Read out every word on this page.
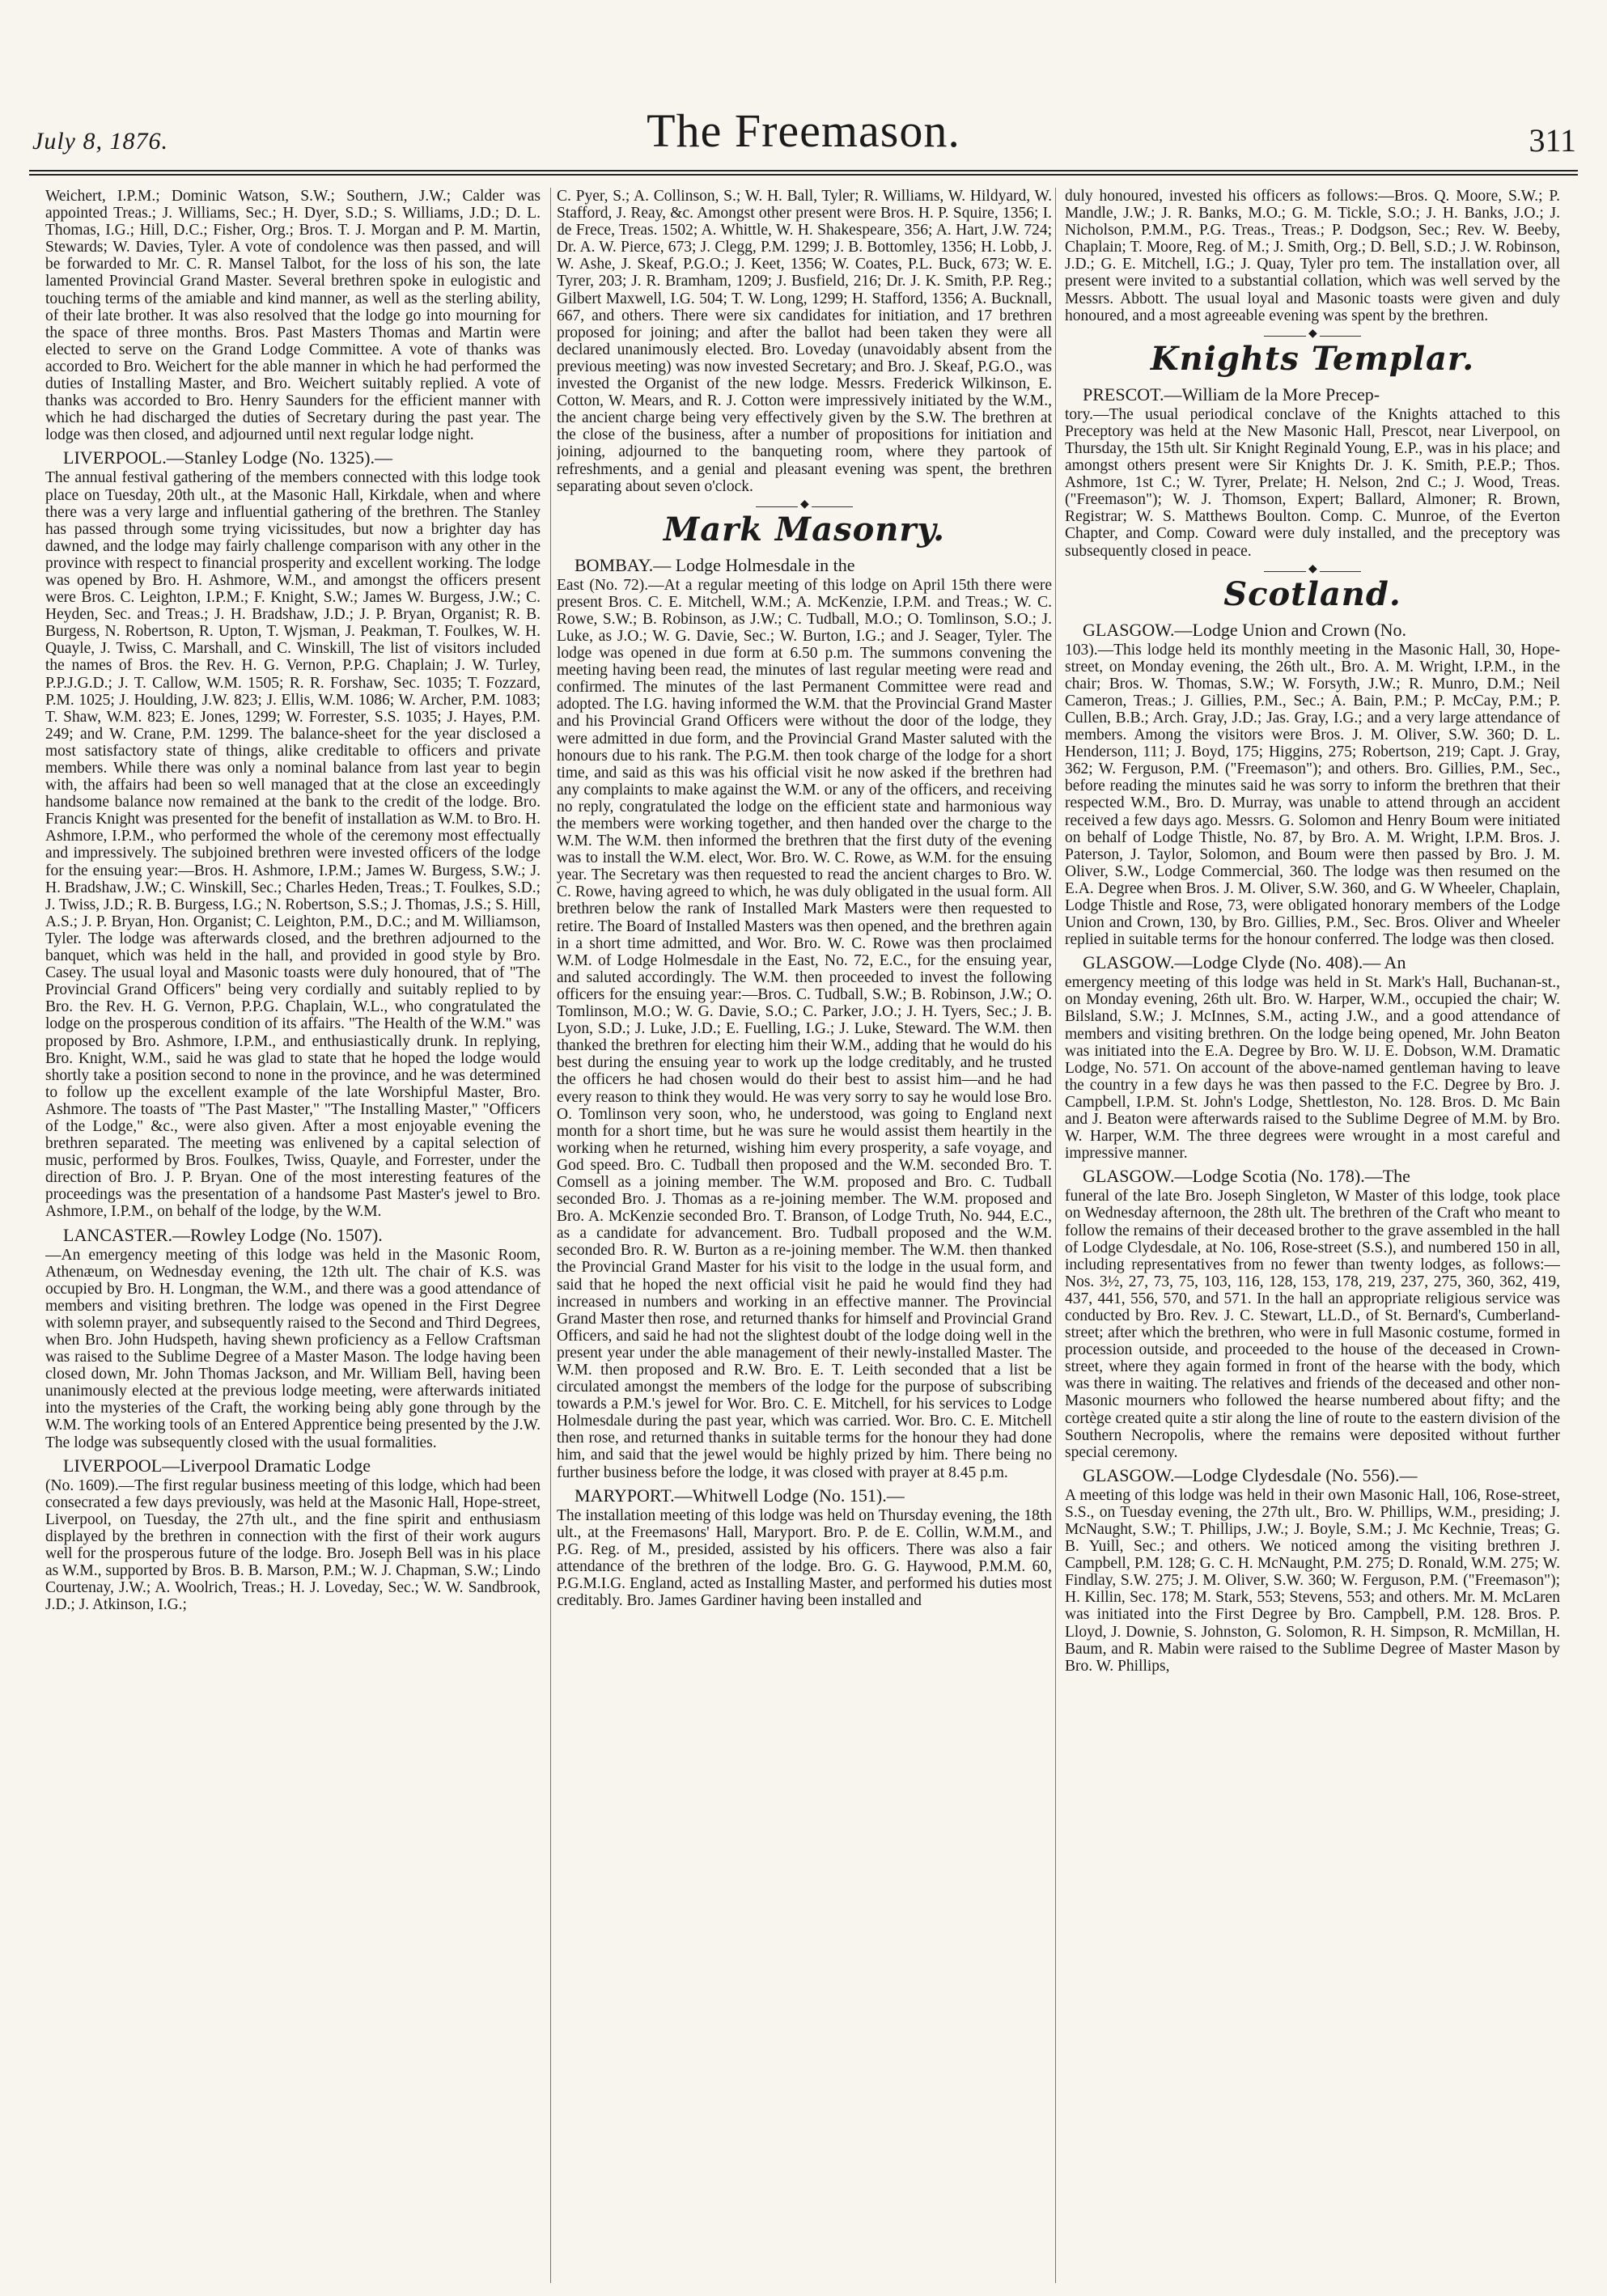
July 8, 1876.	The Freemason.	311

Weichert, I.P.M.; Dominic Watson, S.W.; Southern, J.W.; Calder was appointed Treas.; J. Williams, Sec.; H. Dyer, S.D.; S. Williams, J.D.; D. L. Thomas, I.G.; Hill, D.C.; Fisher, Org.; Bros. T. J. Morgan and P. M. Martin, Stewards; W. Davies, Tyler. A vote of condolence was then passed, and will be forwarded to Mr. C. R. Mansel Talbot, for the loss of his son, the late lamented Provincial Grand Master. Several brethren spoke in eulogistic and touching terms of the amiable and kind manner, as well as the sterling ability, of their late brother. It was also resolved that the lodge go into mourning for the space of three months. Bros. Past Masters Thomas and Martin were elected to serve on the Grand Lodge Committee. A vote of thanks was accorded to Bro. Weichert for the able manner in which he had performed the duties of Installing Master, and Bro. Weichert suitably replied. A vote of thanks was accorded to Bro. Henry Saunders for the efficient manner with which he had discharged the duties of Secretary during the past year. The lodge was then closed, and adjourned until next regular lodge night.

LIVERPOOL.—Stanley Lodge (No. 1325).—

The annual festival gathering of the members connected with this lodge took place on Tuesday, 20th ult., at the Masonic Hall, Kirkdale, when and where there was a very large and influential gathering of the brethren. The Stanley has passed through some trying vicissitudes, but now a brighter day has dawned, and the lodge may fairly challenge comparison with any other in the province with respect to financial prosperity and excellent working. The lodge was opened by Bro. H. Ashmore, W.M., and amongst the officers present were Bros. C. Leighton, I.P.M.; F. Knight, S.W.; James W. Burgess, J.W.; C. Heyden, Sec. and Treas.; J. H. Bradshaw, J.D.; J. P. Bryan, Organist; R. B. Burgess, N. Robertson, R. Upton, T. Wjsman, J. Peakman, T. Foulkes, W. H. Quayle, J. Twiss, C. Marshall, and C. Winskill, The list of visitors included the names of Bros. the Rev. H. G. Vernon, P.P.G. Chaplain; J. W. Turley, P.P.J.G.D.; J. T. Callow, W.M. 1505; R. R. Forshaw, Sec. 1035; T. Fozzard, P.M. 1025; J. Houlding, J.W. 823; J. Ellis, W.M. 1086; W. Archer, P.M. 1083; T. Shaw, W.M. 823; E. Jones, 1299; W. Forrester, S.S. 1035; J. Hayes, P.M. 249; and W. Crane, P.M. 1299. The balance-sheet for the year disclosed a most satisfactory state of things, alike creditable to officers and private members. While there was only a nominal balance from last year to begin with, the affairs had been so well managed that at the close an exceedingly handsome balance now remained at the bank to the credit of the lodge. Bro. Francis Knight was presented for the benefit of installation as W.M. to Bro. H. Ashmore, I.P.M., who performed the whole of the ceremony most effectually and impressively. The subjoined brethren were invested officers of the lodge for the ensuing year:—Bros. H. Ashmore, I.P.M.; James W. Burgess, S.W.; J. H. Bradshaw, J.W.; C. Winskill, Sec.; Charles Heden, Treas.; T. Foulkes, S.D.; J. Twiss, J.D.; R. B. Burgess, I.G.; N. Robertson, S.S.; J. Thomas, J.S.; S. Hill, A.S.; J. P. Bryan, Hon. Organist; C. Leighton, P.M., D.C.; and M. Williamson, Tyler. The lodge was afterwards closed, and the brethren adjourned to the banquet, which was held in the hall, and provided in good style by Bro. Casey. The usual loyal and Masonic toasts were duly honoured, that of "The Provincial Grand Officers" being very cordially and suitably replied to by Bro. the Rev. H. G. Vernon, P.P.G. Chaplain, W.L., who congratulated the lodge on the prosperous condition of its affairs. "The Health of the W.M." was proposed by Bro. Ashmore, I.P.M., and enthusiastically drunk. In replying, Bro. Knight, W.M., said he was glad to state that he hoped the lodge would shortly take a position second to none in the province, and he was determined to follow up the excellent example of the late Worshipful Master, Bro. Ashmore. The toasts of "The Past Master," "The Installing Master," "Officers of the Lodge," &c., were also given. After a most enjoyable evening the brethren separated. The meeting was enlivened by a capital selection of music, performed by Bros. Foulkes, Twiss, Quayle, and Forrester, under the direction of Bro. J. P. Bryan. One of the most interesting features of the proceedings was the presentation of a handsome Past Master's jewel to Bro. Ashmore, I.P.M., on behalf of the lodge, by the W.M.

LANCASTER.—Rowley Lodge (No. 1507).

—An emergency meeting of this lodge was held in the Masonic Room, Athenæum, on Wednesday evening, the 12th ult. The chair of K.S. was occupied by Bro. H. Longman, the W.M., and there was a good attendance of members and visiting brethren. The lodge was opened in the First Degree with solemn prayer, and subsequently raised to the Second and Third Degrees, when Bro. John Hudspeth, having shewn proficiency as a Fellow Craftsman was raised to the Sublime Degree of a Master Mason. The lodge having been closed down, Mr. John Thomas Jackson, and Mr. William Bell, having been unanimously elected at the previous lodge meeting, were afterwards initiated into the mysteries of the Craft, the working being ably gone through by the W.M. The working tools of an Entered Apprentice being presented by the J.W. The lodge was subsequently closed with the usual formalities.

LIVERPOOL—Liverpool Dramatic Lodge

(No. 1609).—The first regular business meeting of this lodge, which had been consecrated a few days previously, was held at the Masonic Hall, Hope-street, Liverpool, on Tuesday, the 27th ult., and the fine spirit and enthusiasm displayed by the brethren in connection with the first of their work augurs well for the prosperous future of the lodge. Bro. Joseph Bell was in his place as W.M., supported by Bros. B. B. Marson, P.M.; W. J. Chapman, S.W.; Lindo Courtenay, J.W.; A. Woolrich, Treas.; H. J. Loveday, Sec.; W. W. Sandbrook, J.D.; J. Atkinson, I.G.;

C. Pyer, S.; A. Collinson, S.; W. H. Ball, Tyler; R. Williams, W. Hildyard, W. Stafford, J. Reay, &c. Amongst other present were Bros. H. P. Squire, 1356; I. de Frece, Treas. 1502; A. Whittle, W. H. Shakespeare, 356; A. Hart, J.W. 724; Dr. A. W. Pierce, 673; J. Clegg, P.M. 1299; J. B. Bottomley, 1356; H. Lobb, J. W. Ashe, J. Skeaf, P.G.O.; J. Keet, 1356; W. Coates, P.L. Buck, 673; W. E. Tyrer, 203; J. R. Bramham, 1209; J. Busfield, 216; Dr. J. K. Smith, P.P. Reg.; Gilbert Maxwell, I.G. 504; T. W. Long, 1299; H. Stafford, 1356; A. Bucknall, 667, and others. There were six candidates for initiation, and 17 brethren proposed for joining; and after the ballot had been taken they were all declared unanimously elected. Bro. Loveday (unavoidably absent from the previous meeting) was now invested Secretary; and Bro. J. Skeaf, P.G.O., was invested the Organist of the new lodge. Messrs. Frederick Wilkinson, E. Cotton, W. Mears, and R. J. Cotton were impressively initiated by the W.M., the ancient charge being very effectively given by the S.W. The brethren at the close of the business, after a number of propositions for initiation and joining, adjourned to the banqueting room, where they partook of refreshments, and a genial and pleasant evening was spent, the brethren separating about seven o'clock.

◆
Mark Masonry.
BOMBAY.— Lodge Holmesdale in the

East (No. 72).—At a regular meeting of this lodge on April 15th there were present Bros. C. E. Mitchell, W.M.; A. McKenzie, I.P.M. and Treas.; W. C. Rowe, S.W.; B. Robinson, as J.W.; C. Tudball, M.O.; O. Tomlinson, S.O.; J. Luke, as J.O.; W. G. Davie, Sec.; W. Burton, I.G.; and J. Seager, Tyler. The lodge was opened in due form at 6.50 p.m. The summons convening the meeting having been read, the minutes of last regular meeting were read and confirmed. The minutes of the last Permanent Committee were read and adopted. The I.G. having informed the W.M. that the Provincial Grand Master and his Provincial Grand Officers were without the door of the lodge, they were admitted in due form, and the Provincial Grand Master saluted with the honours due to his rank. The P.G.M. then took charge of the lodge for a short time, and said as this was his official visit he now asked if the brethren had any complaints to make against the W.M. or any of the officers, and receiving no reply, congratulated the lodge on the efficient state and harmonious way the members were working together, and then handed over the charge to the W.M. The W.M. then informed the brethren that the first duty of the evening was to install the W.M. elect, Wor. Bro. W. C. Rowe, as W.M. for the ensuing year. The Secretary was then requested to read the ancient charges to Bro. W. C. Rowe, having agreed to which, he was duly obligated in the usual form. All brethren below the rank of Installed Mark Masters were then requested to retire. The Board of Installed Masters was then opened, and the brethren again in a short time admitted, and Wor. Bro. W. C. Rowe was then proclaimed W.M. of Lodge Holmesdale in the East, No. 72, E.C., for the ensuing year, and saluted accordingly. The W.M. then proceeded to invest the following officers for the ensuing year:—Bros. C. Tudball, S.W.; B. Robinson, J.W.; O. Tomlinson, M.O.; W. G. Davie, S.O.; C. Parker, J.O.; J. H. Tyers, Sec.; J. B. Lyon, S.D.; J. Luke, J.D.; E. Fuelling, I.G.; J. Luke, Steward. The W.M. then thanked the brethren for electing him their W.M., adding that he would do his best during the ensuing year to work up the lodge creditably, and he trusted the officers he had chosen would do their best to assist him—and he had every reason to think they would. He was very sorry to say he would lose Bro. O. Tomlinson very soon, who, he understood, was going to England next month for a short time, but he was sure he would assist them heartily in the working when he returned, wishing him every prosperity, a safe voyage, and God speed. Bro. C. Tudball then proposed and the W.M. seconded Bro. T. Comsell as a joining member. The W.M. proposed and Bro. C. Tudball seconded Bro. J. Thomas as a re-joining member. The W.M. proposed and Bro. A. McKenzie seconded Bro. T. Branson, of Lodge Truth, No. 944, E.C., as a candidate for advancement. Bro. Tudball proposed and the W.M. seconded Bro. R. W. Burton as a re-joining member. The W.M. then thanked the Provincial Grand Master for his visit to the lodge in the usual form, and said that he hoped the next official visit he paid he would find they had increased in numbers and working in an effective manner. The Provincial Grand Master then rose, and returned thanks for himself and Provincial Grand Officers, and said he had not the slightest doubt of the lodge doing well in the present year under the able management of their newly-installed Master. The W.M. then proposed and R.W. Bro. E. T. Leith seconded that a list be circulated amongst the members of the lodge for the purpose of subscribing towards a P.M.'s jewel for Wor. Bro. C. E. Mitchell, for his services to Lodge Holmesdale during the past year, which was carried. Wor. Bro. C. E. Mitchell then rose, and returned thanks in suitable terms for the honour they had done him, and said that the jewel would be highly prized by him. There being no further business before the lodge, it was closed with prayer at 8.45 p.m.

MARYPORT.—Whitwell Lodge (No. 151).—

The installation meeting of this lodge was held on Thursday evening, the 18th ult., at the Freemasons' Hall, Maryport. Bro. P. de E. Collin, W.M.M., and P.G. Reg. of M., presided, assisted by his officers. There was also a fair attendance of the brethren of the lodge. Bro. G. G. Haywood, P.M.M. 60, P.G.M.I.G. England, acted as Installing Master, and performed his duties most creditably. Bro. James Gardiner having been installed and

duly honoured, invested his officers as follows:—Bros. Q. Moore, S.W.; P. Mandle, J.W.; J. R. Banks, M.O.; G. M. Tickle, S.O.; J. H. Banks, J.O.; J. Nicholson, P.M.M., P.G. Treas., Treas.; P. Dodgson, Sec.; Rev. W. Beeby, Chaplain; T. Moore, Reg. of M.; J. Smith, Org.; D. Bell, S.D.; J. W. Robinson, J.D.; G. E. Mitchell, I.G.; J. Quay, Tyler pro tem. The installation over, all present were invited to a substantial collation, which was well served by the Messrs. Abbott. The usual loyal and Masonic toasts were given and duly honoured, and a most agreeable evening was spent by the brethren.

◆
Knights Templar.
PRESCOT.—William de la More Precep-

tory.—The usual periodical conclave of the Knights attached to this Preceptory was held at the New Masonic Hall, Prescot, near Liverpool, on Thursday, the 15th ult. Sir Knight Reginald Young, E.P., was in his place; and amongst others present were Sir Knights Dr. J. K. Smith, P.E.P.; Thos. Ashmore, 1st C.; W. Tyrer, Prelate; H. Nelson, 2nd C.; J. Wood, Treas. ("Freemason"); W. J. Thomson, Expert; Ballard, Almoner; R. Brown, Registrar; W. S. Matthews Boulton. Comp. C. Munroe, of the Everton Chapter, and Comp. Coward were duly installed, and the preceptory was subsequently closed in peace.

◆
Scotland.
GLASGOW.—Lodge Union and Crown (No.

103).—This lodge held its monthly meeting in the Masonic Hall, 30, Hope-street, on Monday evening, the 26th ult., Bro. A. M. Wright, I.P.M., in the chair; Bros. W. Thomas, S.W.; W. Forsyth, J.W.; R. Munro, D.M.; Neil Cameron, Treas.; J. Gillies, P.M., Sec.; A. Bain, P.M.; P. McCay, P.M.; P. Cullen, B.B.; Arch. Gray, J.D.; Jas. Gray, I.G.; and a very large attendance of members. Among the visitors were Bros. J. M. Oliver, S.W. 360; D. L. Henderson, 111; J. Boyd, 175; Higgins, 275; Robertson, 219; Capt. J. Gray, 362; W. Ferguson, P.M. ("Freemason"); and others. Bro. Gillies, P.M., Sec., before reading the minutes said he was sorry to inform the brethren that their respected W.M., Bro. D. Murray, was unable to attend through an accident received a few days ago. Messrs. G. Solomon and Henry Boum were initiated on behalf of Lodge Thistle, No. 87, by Bro. A. M. Wright, I.P.M. Bros. J. Paterson, J. Taylor, Solomon, and Boum were then passed by Bro. J. M. Oliver, S.W., Lodge Commercial, 360. The lodge was then resumed on the E.A. Degree when Bros. J. M. Oliver, S.W. 360, and G. W Wheeler, Chaplain, Lodge Thistle and Rose, 73, were obligated honorary members of the Lodge Union and Crown, 130, by Bro. Gillies, P.M., Sec. Bros. Oliver and Wheeler replied in suitable terms for the honour conferred. The lodge was then closed.

GLASGOW.—Lodge Clyde (No. 408).— An

emergency meeting of this lodge was held in St. Mark's Hall, Buchanan-st., on Monday evening, 26th ult. Bro. W. Harper, W.M., occupied the chair; W. Bilsland, S.W.; J. McInnes, S.M., acting J.W., and a good attendance of members and visiting brethren. On the lodge being opened, Mr. John Beaton was initiated into the E.A. Degree by Bro. W. IJ. E. Dobson, W.M. Dramatic Lodge, No. 571. On account of the above-named gentleman having to leave the country in a few days he was then passed to the F.C. Degree by Bro. J. Campbell, I.P.M. St. John's Lodge, Shettleston, No. 128. Bros. D. Mc Bain and J. Beaton were afterwards raised to the Sublime Degree of M.M. by Bro. W. Harper, W.M. The three degrees were wrought in a most careful and impressive manner.

GLASGOW.—Lodge Scotia (No. 178).—The

funeral of the late Bro. Joseph Singleton, W Master of this lodge, took place on Wednesday afternoon, the 28th ult. The brethren of the Craft who meant to follow the remains of their deceased brother to the grave assembled in the hall of Lodge Clydesdale, at No. 106, Rose-street (S.S.), and numbered 150 in all, including representatives from no fewer than twenty lodges, as follows:—Nos. 3½, 27, 73, 75, 103, 116, 128, 153, 178, 219, 237, 275, 360, 362, 419, 437, 441, 556, 570, and 571. In the hall an appropriate religious service was conducted by Bro. Rev. J. C. Stewart, LL.D., of St. Bernard's, Cumberland-street; after which the brethren, who were in full Masonic costume, formed in procession outside, and proceeded to the house of the deceased in Crown-street, where they again formed in front of the hearse with the body, which was there in waiting. The relatives and friends of the deceased and other non-Masonic mourners who followed the hearse numbered about fifty; and the cortège created quite a stir along the line of route to the eastern division of the Southern Necropolis, where the remains were deposited without further special ceremony.

GLASGOW.—Lodge Clydesdale (No. 556).—

A meeting of this lodge was held in their own Masonic Hall, 106, Rose-street, S.S., on Tuesday evening, the 27th ult., Bro. W. Phillips, W.M., presiding; J. McNaught, S.W.; T. Phillips, J.W.; J. Boyle, S.M.; J. Mc Kechnie, Treas; G. B. Yuill, Sec.; and others. We noticed among the visiting brethren J. Campbell, P.M. 128; G. C. H. McNaught, P.M. 275; D. Ronald, W.M. 275; W. Findlay, S.W. 275; J. M. Oliver, S.W. 360; W. Ferguson, P.M. ("Freemason"); H. Killin, Sec. 178; M. Stark, 553; Stevens, 553; and others. Mr. M. McLaren was initiated into the First Degree by Bro. Campbell, P.M. 128. Bros. P. Lloyd, J. Downie, S. Johnston, G. Solomon, R. H. Simpson, R. McMillan, H. Baum, and R. Mabin were raised to the Sublime Degree of Master Mason by Bro. W. Phillips,
